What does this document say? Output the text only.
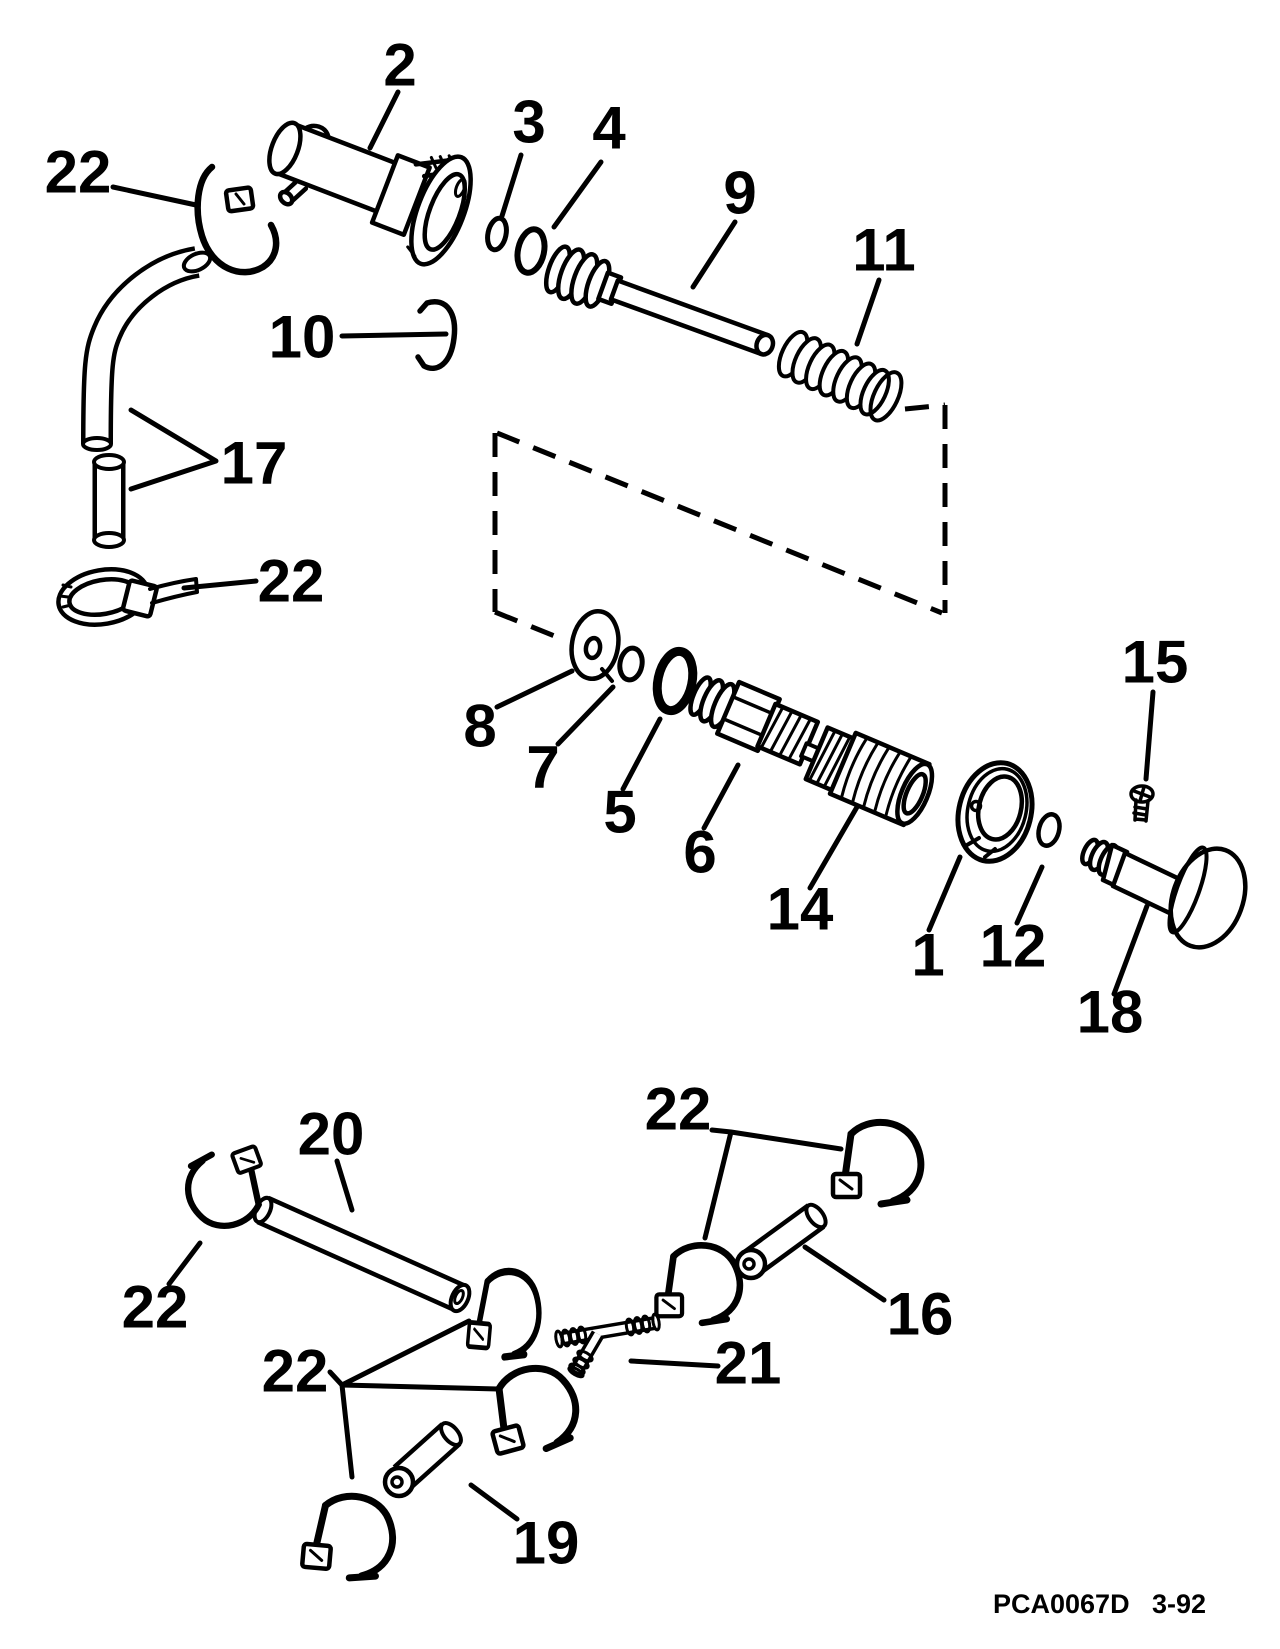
2
3 4
9
11
10
17
22
22
8
7
5
6
14
1 12
15
18
20
22
22
16
21
22
19
PCA0067D 3-92
